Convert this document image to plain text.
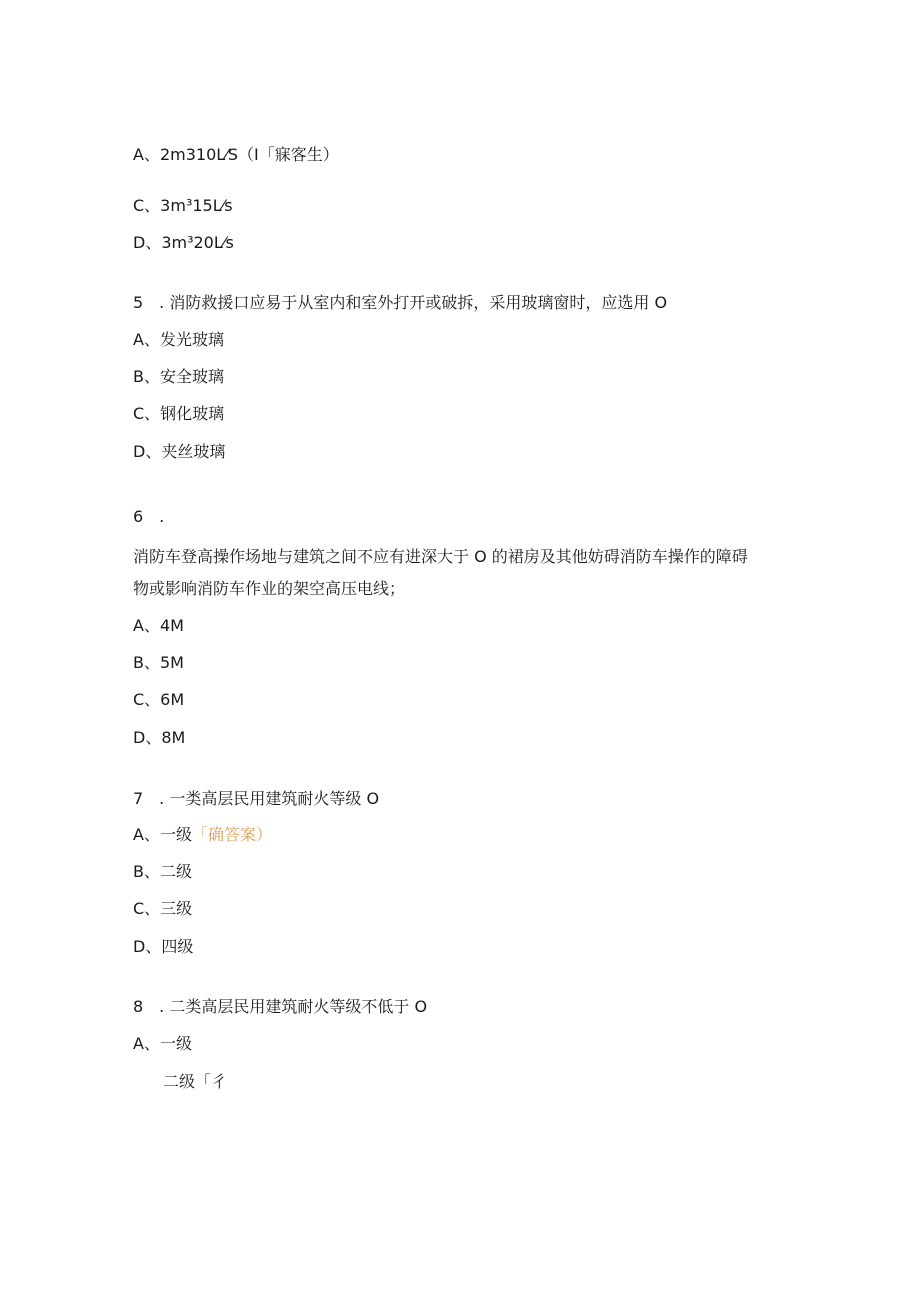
A、2m310L⁄S（I「寐客生）
C、3m³15L⁄s
D、3m³20L⁄s
5　. 消防救援口应易于从室内和室外打开或破拆，采用玻璃窗时，应选用 O
A、发光玻璃
B、安全玻璃
C、钢化玻璃
D、夹丝玻璃
6　.
消防车登高操作场地与建筑之间不应有进深大于 O 的裙房及其他妨碍消防车操作的障碍
物或影响消防车作业的架空高压电线；
A、4M
B、5M
C、6M
D、8M
7　. 一类高层民用建筑耐火等级 O
A、一级「确答案）
B、二级
C、三级
D、四级
8　. 二类高层民用建筑耐火等级不低于 O
A、一级
二级「彳
